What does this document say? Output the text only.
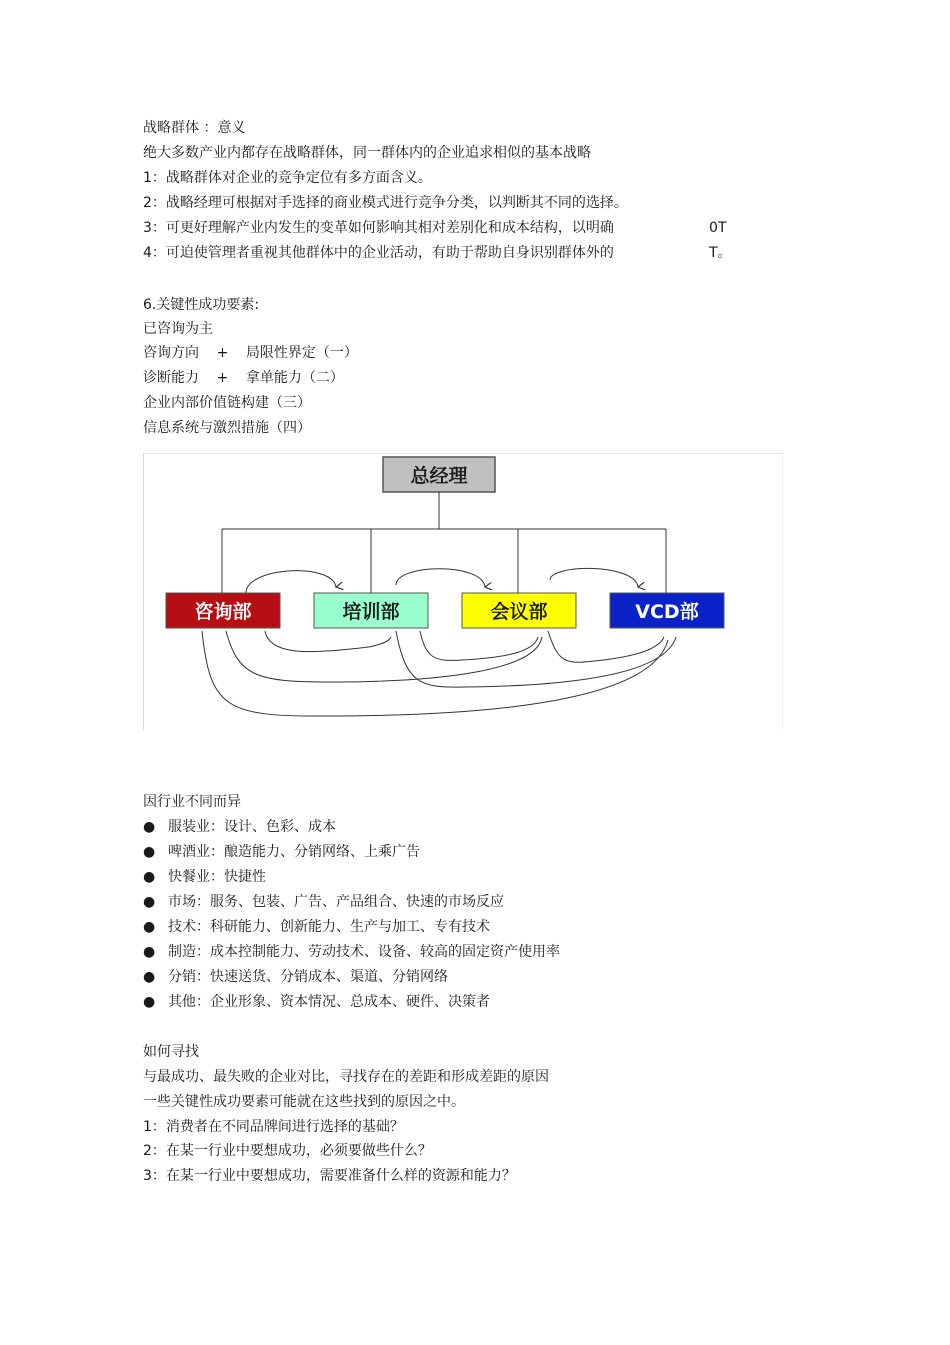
战略群体 ：意义
绝大多数产业内都存在战略群体，同一群体内的企业追求相似的基本战略
1：战略群体对企业的竞争定位有多方面含义。
2：战略经理可根据对手选择的商业模式进行竞争分类，以判断其不同的选择。
3：可更好理解产业内发生的变革如何影响其相对差别化和成本结构，以明确	0T
4：可迫使管理者重视其他群体中的企业活动，有助于帮助自身识别群体外的	T。
6.关键性成功要素:
已咨询为主
咨询方向 + 局限性界定（一）
诊断能力 + 拿单能力（二）
企业内部价值链构建（三）
信息系统与激烈措施（四）
总经理
咨询部	培训部	会议部	VCD部
因行业不同而异
● 服装业：设计、色彩、成本
● 啤酒业：酿造能力、分销网络、上乘广告
● 快餐业：快捷性
● 市场：服务、包装、广告、产品组合、快速的市场反应
● 技术：科研能力、创新能力、生产与加工、专有技术
● 制造：成本控制能力、劳动技术、设备、较高的固定资产使用率
● 分销：快速送货、分销成本、渠道、分销网络
● 其他：企业形象、资本情况、总成本、硬件、决策者
如何寻找
与最成功、最失败的企业对比，寻找存在的差距和形成差距的原因
一些关键性成功要素可能就在这些找到的原因之中。
1：消费者在不同品牌间进行选择的基础？
2：在某一行业中要想成功，必须要做些什么？
3：在某一行业中要想成功，需要准备什么样的资源和能力？
